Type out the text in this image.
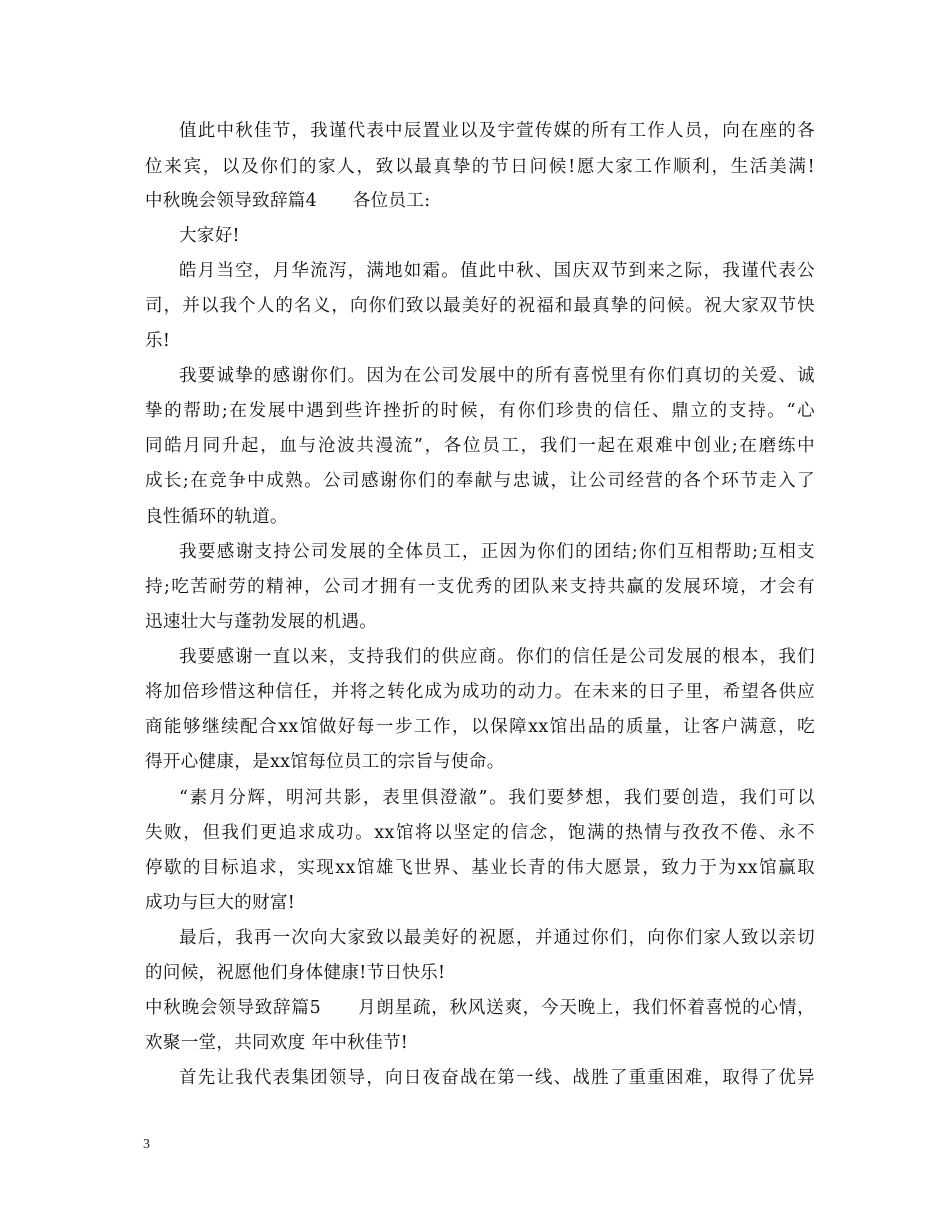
值此中秋佳节，我谨代表中辰置业以及宇萱传媒的所有工作人员，向在座的各
位来宾，以及你们的家人，致以最真挚的节日问候!愿大家工作顺利，生活美满!
中秋晚会领导致辞篇4　　各位员工:
大家好!
皓月当空，月华流泻，满地如霜。值此中秋、国庆双节到来之际，我谨代表公
司，并以我个人的名义，向你们致以最美好的祝福和最真挚的问候。祝大家双节快
乐!
我要诚挚的感谢你们。因为在公司发展中的所有喜悦里有你们真切的关爱、诚
挚的帮助;在发展中遇到些许挫折的时候，有你们珍贵的信任、鼎立的支持。“心
同皓月同升起，血与沧波共漫流”，各位员工，我们一起在艰难中创业;在磨练中
成长;在竞争中成熟。公司感谢你们的奉献与忠诚，让公司经营的各个环节走入了
良性循环的轨道。
我要感谢支持公司发展的全体员工，正因为你们的团结;你们互相帮助;互相支
持;吃苦耐劳的精神，公司才拥有一支优秀的团队来支持共赢的发展环境，才会有
迅速壮大与蓬勃发展的机遇。
我要感谢一直以来，支持我们的供应商。你们的信任是公司发展的根本，我们
将加倍珍惜这种信任，并将之转化成为成功的动力。在未来的日子里，希望各供应
商能够继续配合xx馆做好每一步工作，以保障xx馆出品的质量，让客户满意，吃
得开心健康，是xx馆每位员工的宗旨与使命。
“素月分辉，明河共影，表里俱澄澈”。我们要梦想，我们要创造，我们可以
失败，但我们更追求成功。xx馆将以坚定的信念，饱满的热情与孜孜不倦、永不
停歇的目标追求，实现xx馆雄飞世界、基业长青的伟大愿景，致力于为xx馆赢取
成功与巨大的财富!
最后，我再一次向大家致以最美好的祝愿，并通过你们，向你们家人致以亲切
的问候，祝愿他们身体健康!节日快乐!
中秋晚会领导致辞篇5　　月朗星疏，秋风送爽，今天晚上，我们怀着喜悦的心情，
欢聚一堂，共同欢度 年中秋佳节!
首先让我代表集团领导，向日夜奋战在第一线、战胜了重重困难，取得了优异
3
